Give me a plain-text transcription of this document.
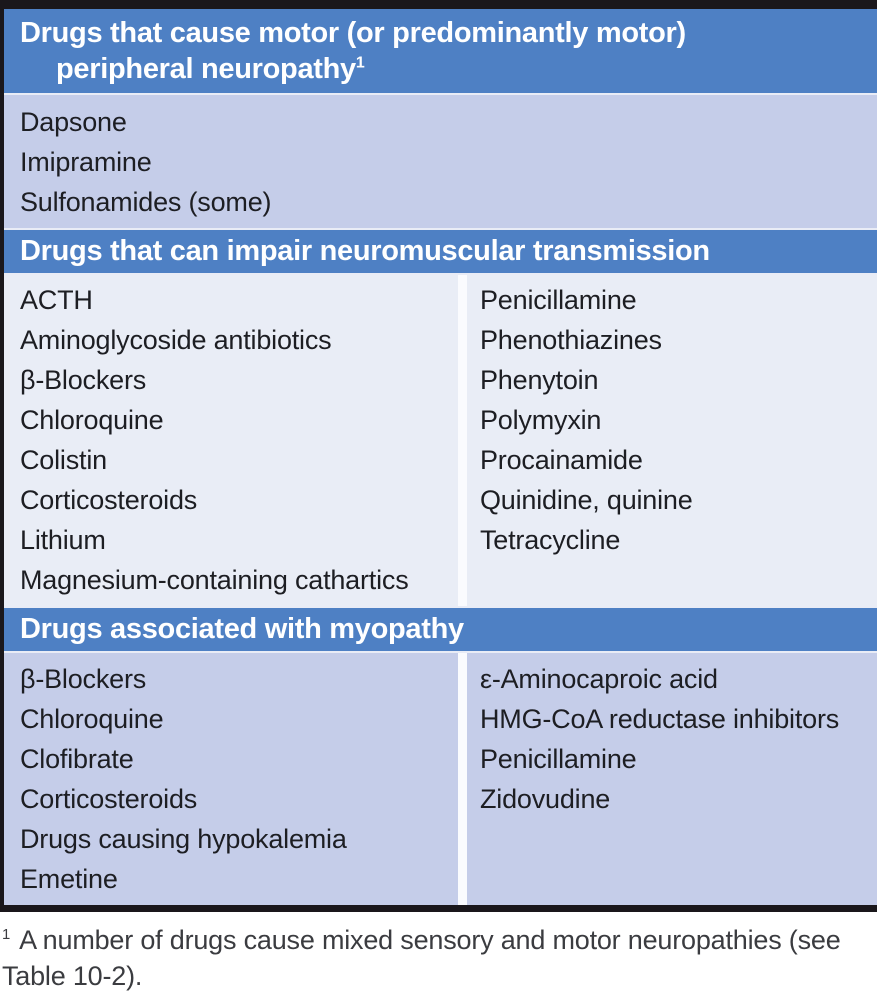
Drugs that cause motor (or predominantly motor)
peripheral neuropathy$^1$
Dapsone
Imipramine
Sulfonamides (some)
Drugs that can impair neuromuscular transmission
ACTH
Aminoglycoside antibiotics
β-Blockers
Chloroquine
Colistin
Corticosteroids
Lithium
Magnesium-containing cathartics
Penicillamine
Phenothiazines
Phenytoin
Polymyxin
Procainamide
Quinidine, quinine
Tetracycline
Drugs associated with myopathy
β-Blockers
Chloroquine
Clofibrate
Corticosteroids
Drugs causing hypokalemia
Emetine
ε-Aminocaproic acid
HMG-CoA reductase inhibitors
Penicillamine
Zidovudine
$^1$ A number of drugs cause mixed sensory and motor neuropathies (see Table 10-2).
